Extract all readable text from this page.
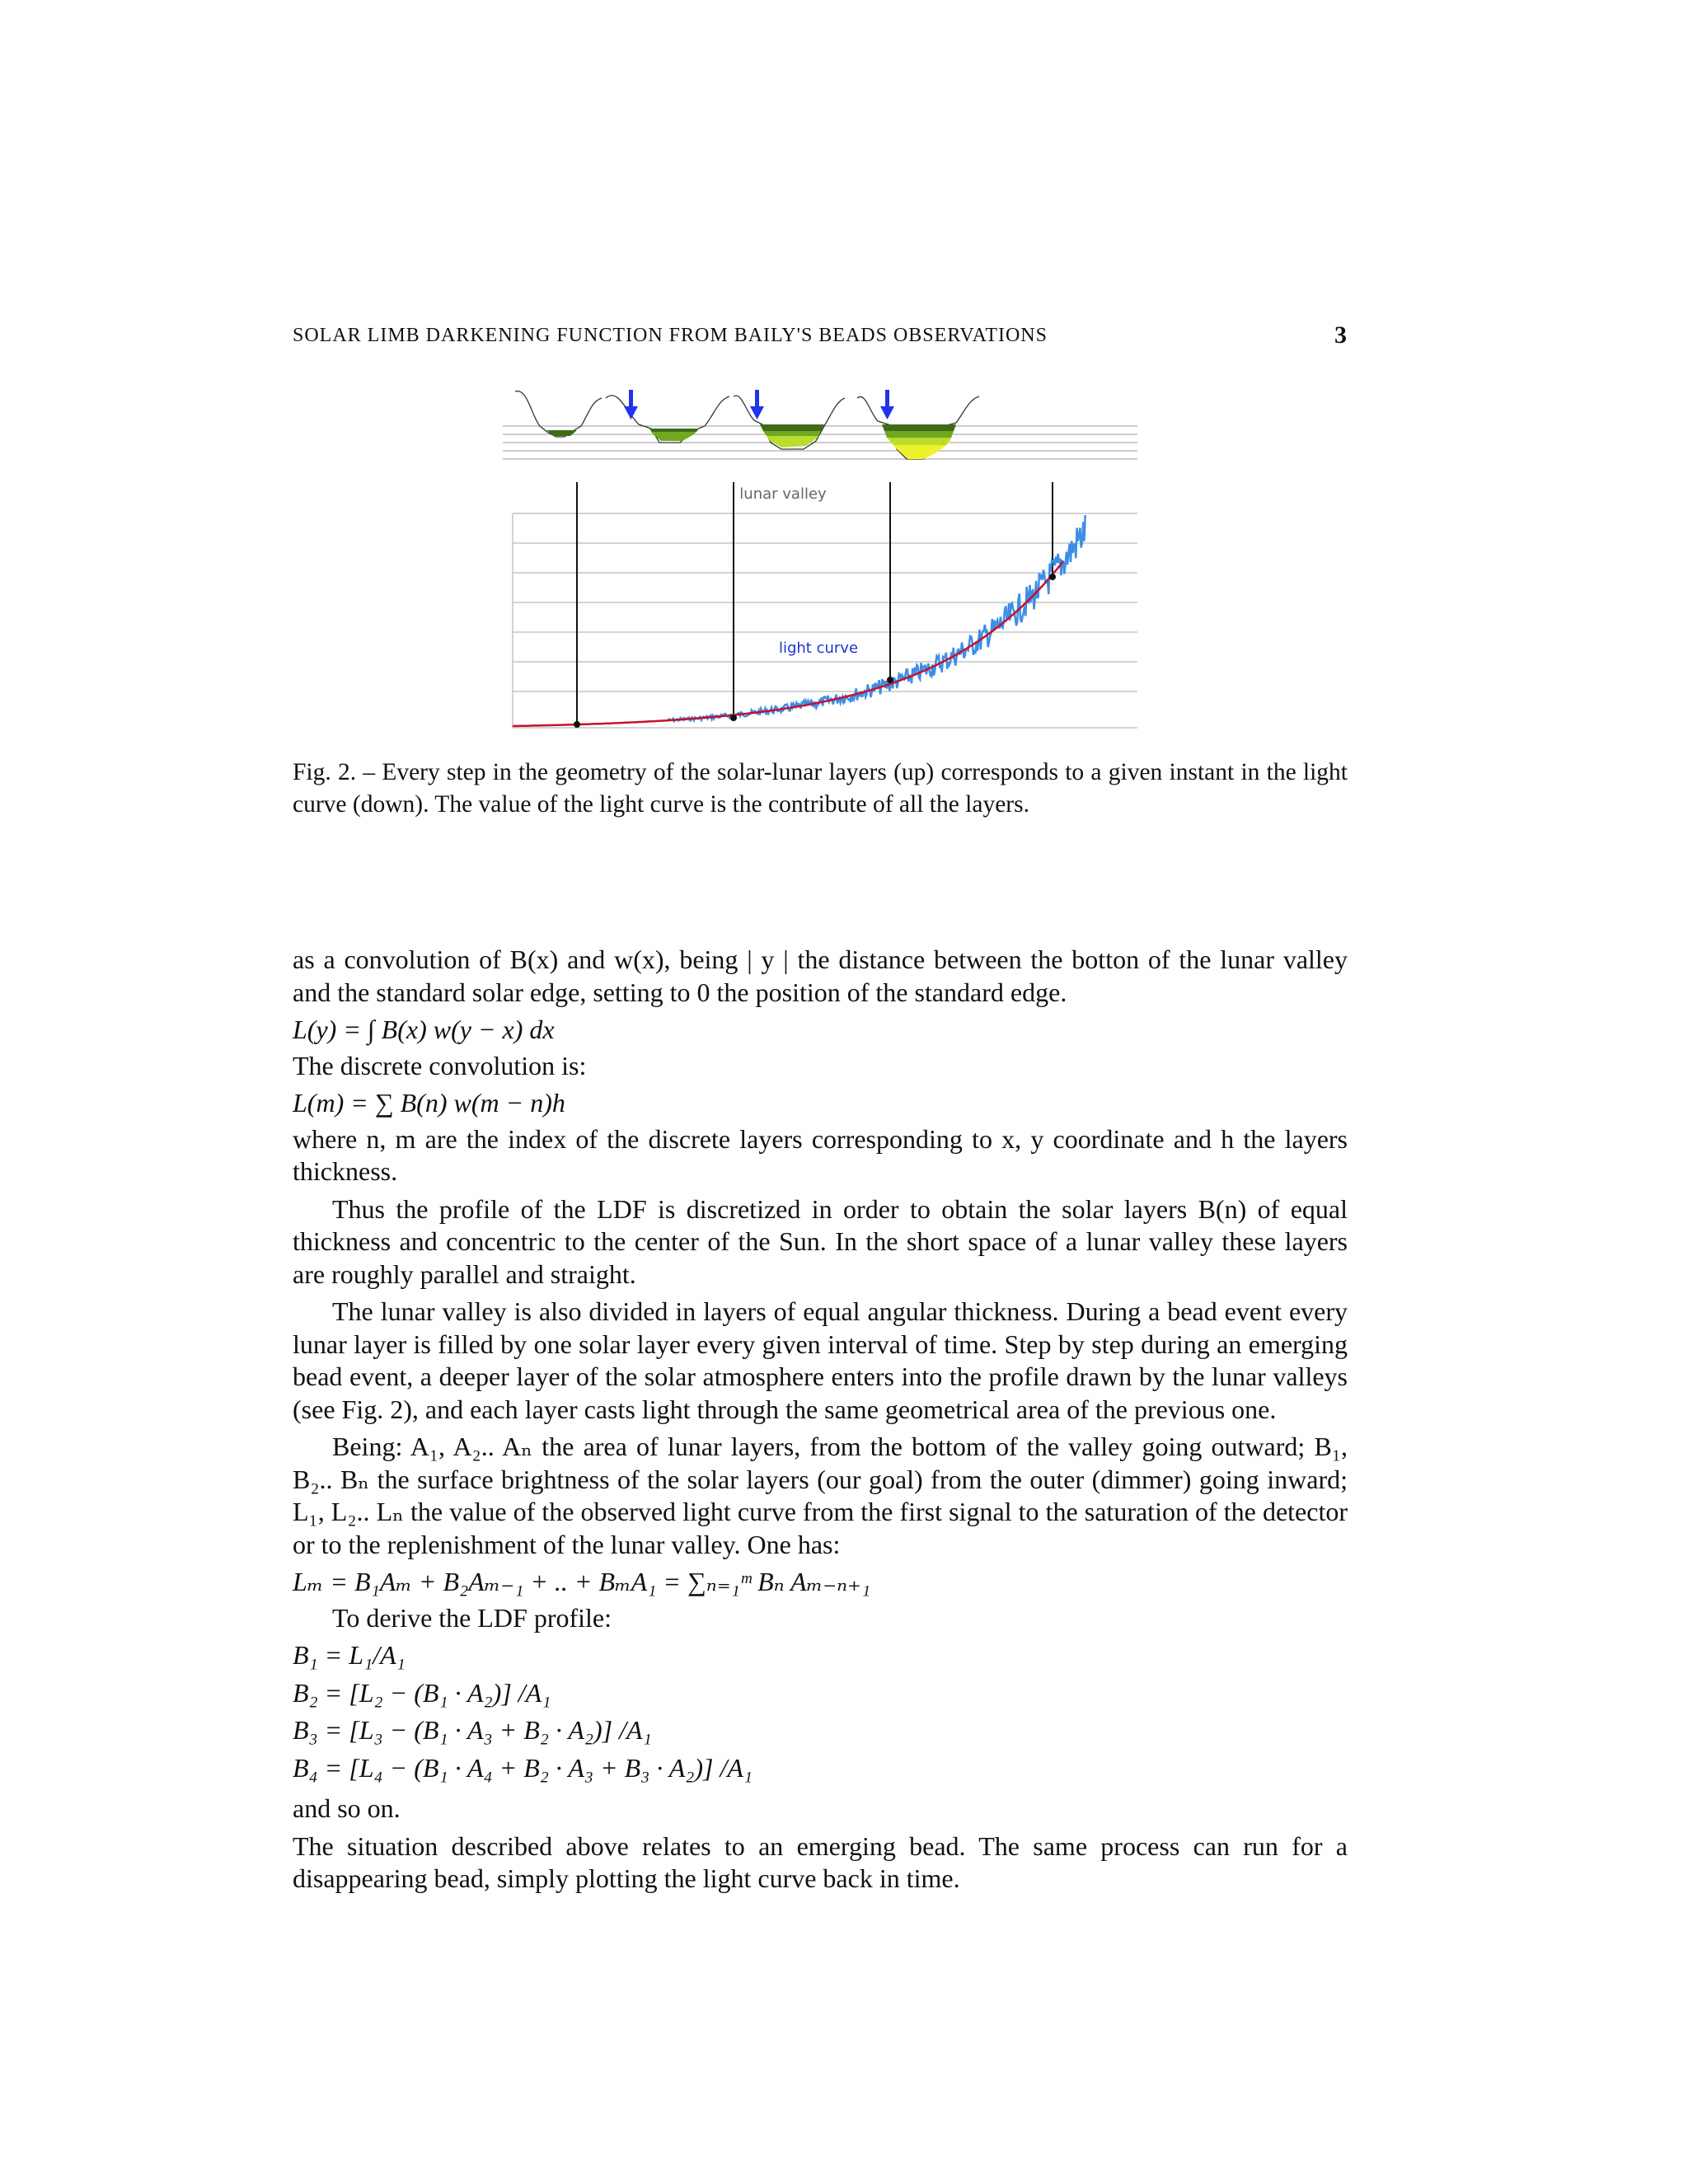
SOLAR LIMB DARKENING FUNCTION FROM BAILY'S BEADS OBSERVATIONS	3
lunar valley
light curve
Fig. 2. – Every step in the geometry of the solar-lunar layers (up) corresponds to a given instant in the light curve (down). The value of the light curve is the contribute of all the layers.

as a convolution of B(x) and w(x), being | y | the distance between the botton of the lunar valley and the standard solar edge, setting to 0 the position of the standard edge.

L(y) = ∫ B(x) w(y − x) dx

The discrete convolution is:

L(m) = ∑ B(n) w(m − n)h

where n, m are the index of the discrete layers corresponding to x, y coordinate and h the layers thickness.

Thus the profile of the LDF is discretized in order to obtain the solar layers B(n) of equal thickness and concentric to the center of the Sun. In the short space of a lunar valley these layers are roughly parallel and straight.

The lunar valley is also divided in layers of equal angular thickness. During a bead event every lunar layer is filled by one solar layer every given interval of time. Step by step during an emerging bead event, a deeper layer of the solar atmosphere enters into the profile drawn by the lunar valleys (see Fig. 2), and each layer casts light through the same geometrical area of the previous one.

Being: A₁, A₂.. Aₙ the area of lunar layers, from the bottom of the valley going outward; B₁, B₂.. Bₙ the surface brightness of the solar layers (our goal) from the outer (dimmer) going inward; L₁, L₂.. Lₙ the value of the observed light curve from the first signal to the saturation of the detector or to the replenishment of the lunar valley. One has:

Lₘ = B₁Aₘ + B₂Aₘ₋₁ + .. + BₘA₁ = ∑ₙ₌₁ᵐ Bₙ Aₘ₋ₙ₊₁

To derive the LDF profile:

B₁ = L₁/A₁

B₂ = [L₂ − (B₁ · A₂)] /A₁

B₃ = [L₃ − (B₁ · A₃ + B₂ · A₂)] /A₁

B₄ = [L₄ − (B₁ · A₄ + B₂ · A₃ + B₃ · A₂)] /A₁

and so on.

The situation described above relates to an emerging bead. The same process can run for a disappearing bead, simply plotting the light curve back in time.
